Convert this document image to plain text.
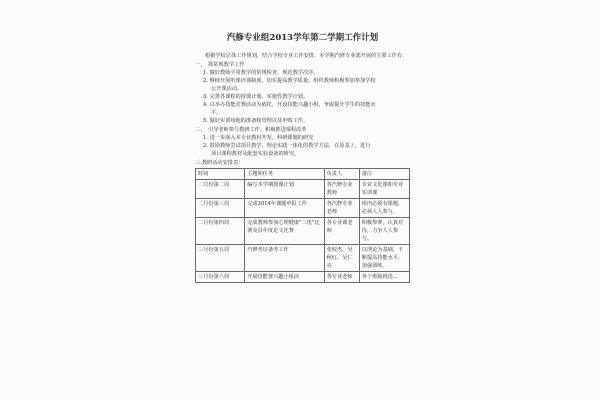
汽修专业组2013学年第二学期工作计划

根据学校总体工作规划，结合学校专业工作安排，本学期汽修专业部开展的主要工作有：

一、　抓常规教学工作

1. 做好教师平常教学的常规检查，规范教学次序。

2. 继续开展听课评课制度，切实提高教学质量，组织教师积极参加参加学校

公开课活动。

3. 完善各课程的授课计划、实施性教学计划。

4. 以举办技能竞赛活动为依托，开设技能兴趣小组，争取提升学生的技能水

平。

5. 做好实训场地的准备和管理以及申购工作。

二、　引导老师参与教研工作、积极推进课程改革

1. 进一步深入本专业教材开发，科研课题的研究

2. 鼓励教师尝试项目教学，理论实践一体化的教学方法，在原基上，进行

项目课程教材及配套实验设备的研究。

三.教研活动安排表：

时间	主题和任务	负责人	备注
二月份第二周	编写本学期授课计划	各汽修专业教师	专业文化课和专业实训课
二月份第三周	完成2014年课题申报工作	各汽修专业老师	组内必须有课题，必须人人参与。
二月份第四周	完成教师参加心理健康"三优"比赛及县年度论文比赛	各专业课老师	积极参赛，认真对待，力争人人参与。
三月份第五周	汽修考证备考工作	张校杰、吴秋红、吴仁亮	以理论为基础，不断提高技能水平，加强训练。
三月份第六周	开展技能赛兴趣小组活	各专业老师	各个班级挑选...
